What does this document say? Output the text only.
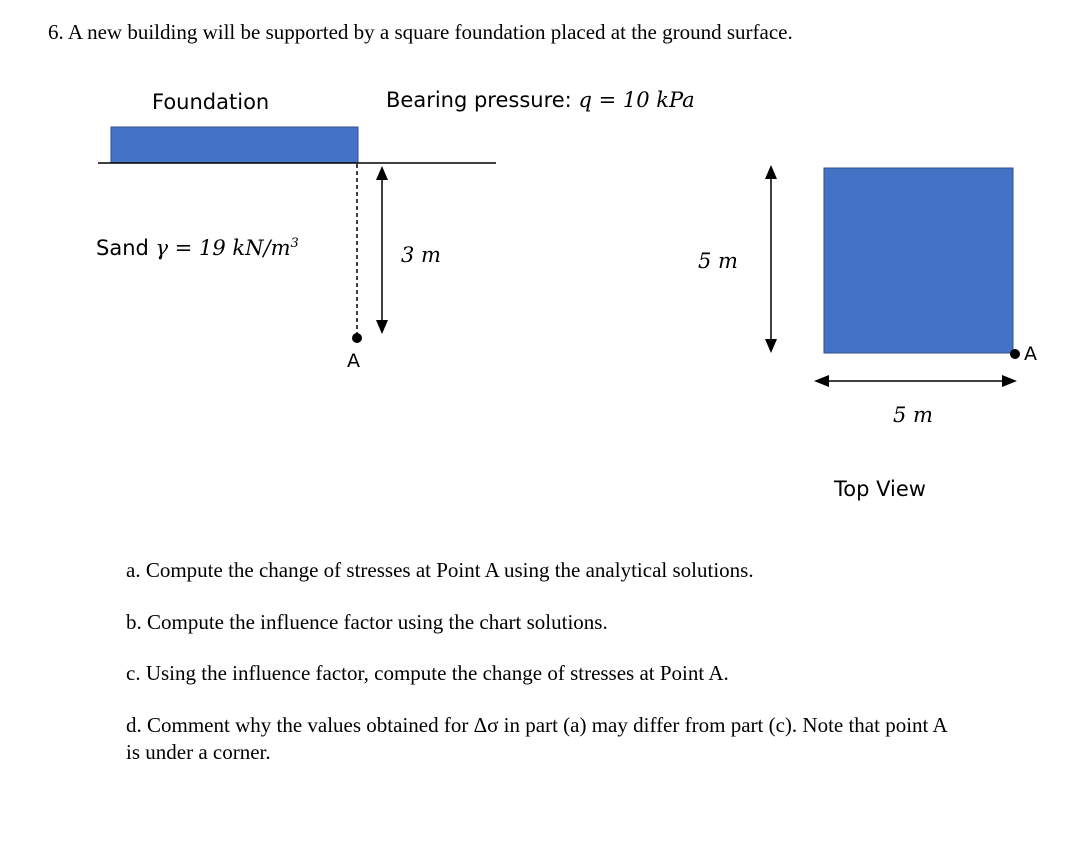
6. A new building will be supported by a square foundation placed at the ground surface.
Foundation	Bearing pressure: q = 10 kPa
Sand γ = 19 $kN/m^3$	3 m	5 m
A	A
5 m
Top View
a. Compute the change of stresses at Point A using the analytical solutions.
b. Compute the influence factor using the chart solutions.
c. Using the influence factor, compute the change of stresses at Point A.
d. Comment why the values obtained for Δσ in part (a) may differ from part (c). Note that point A
is under a corner.
